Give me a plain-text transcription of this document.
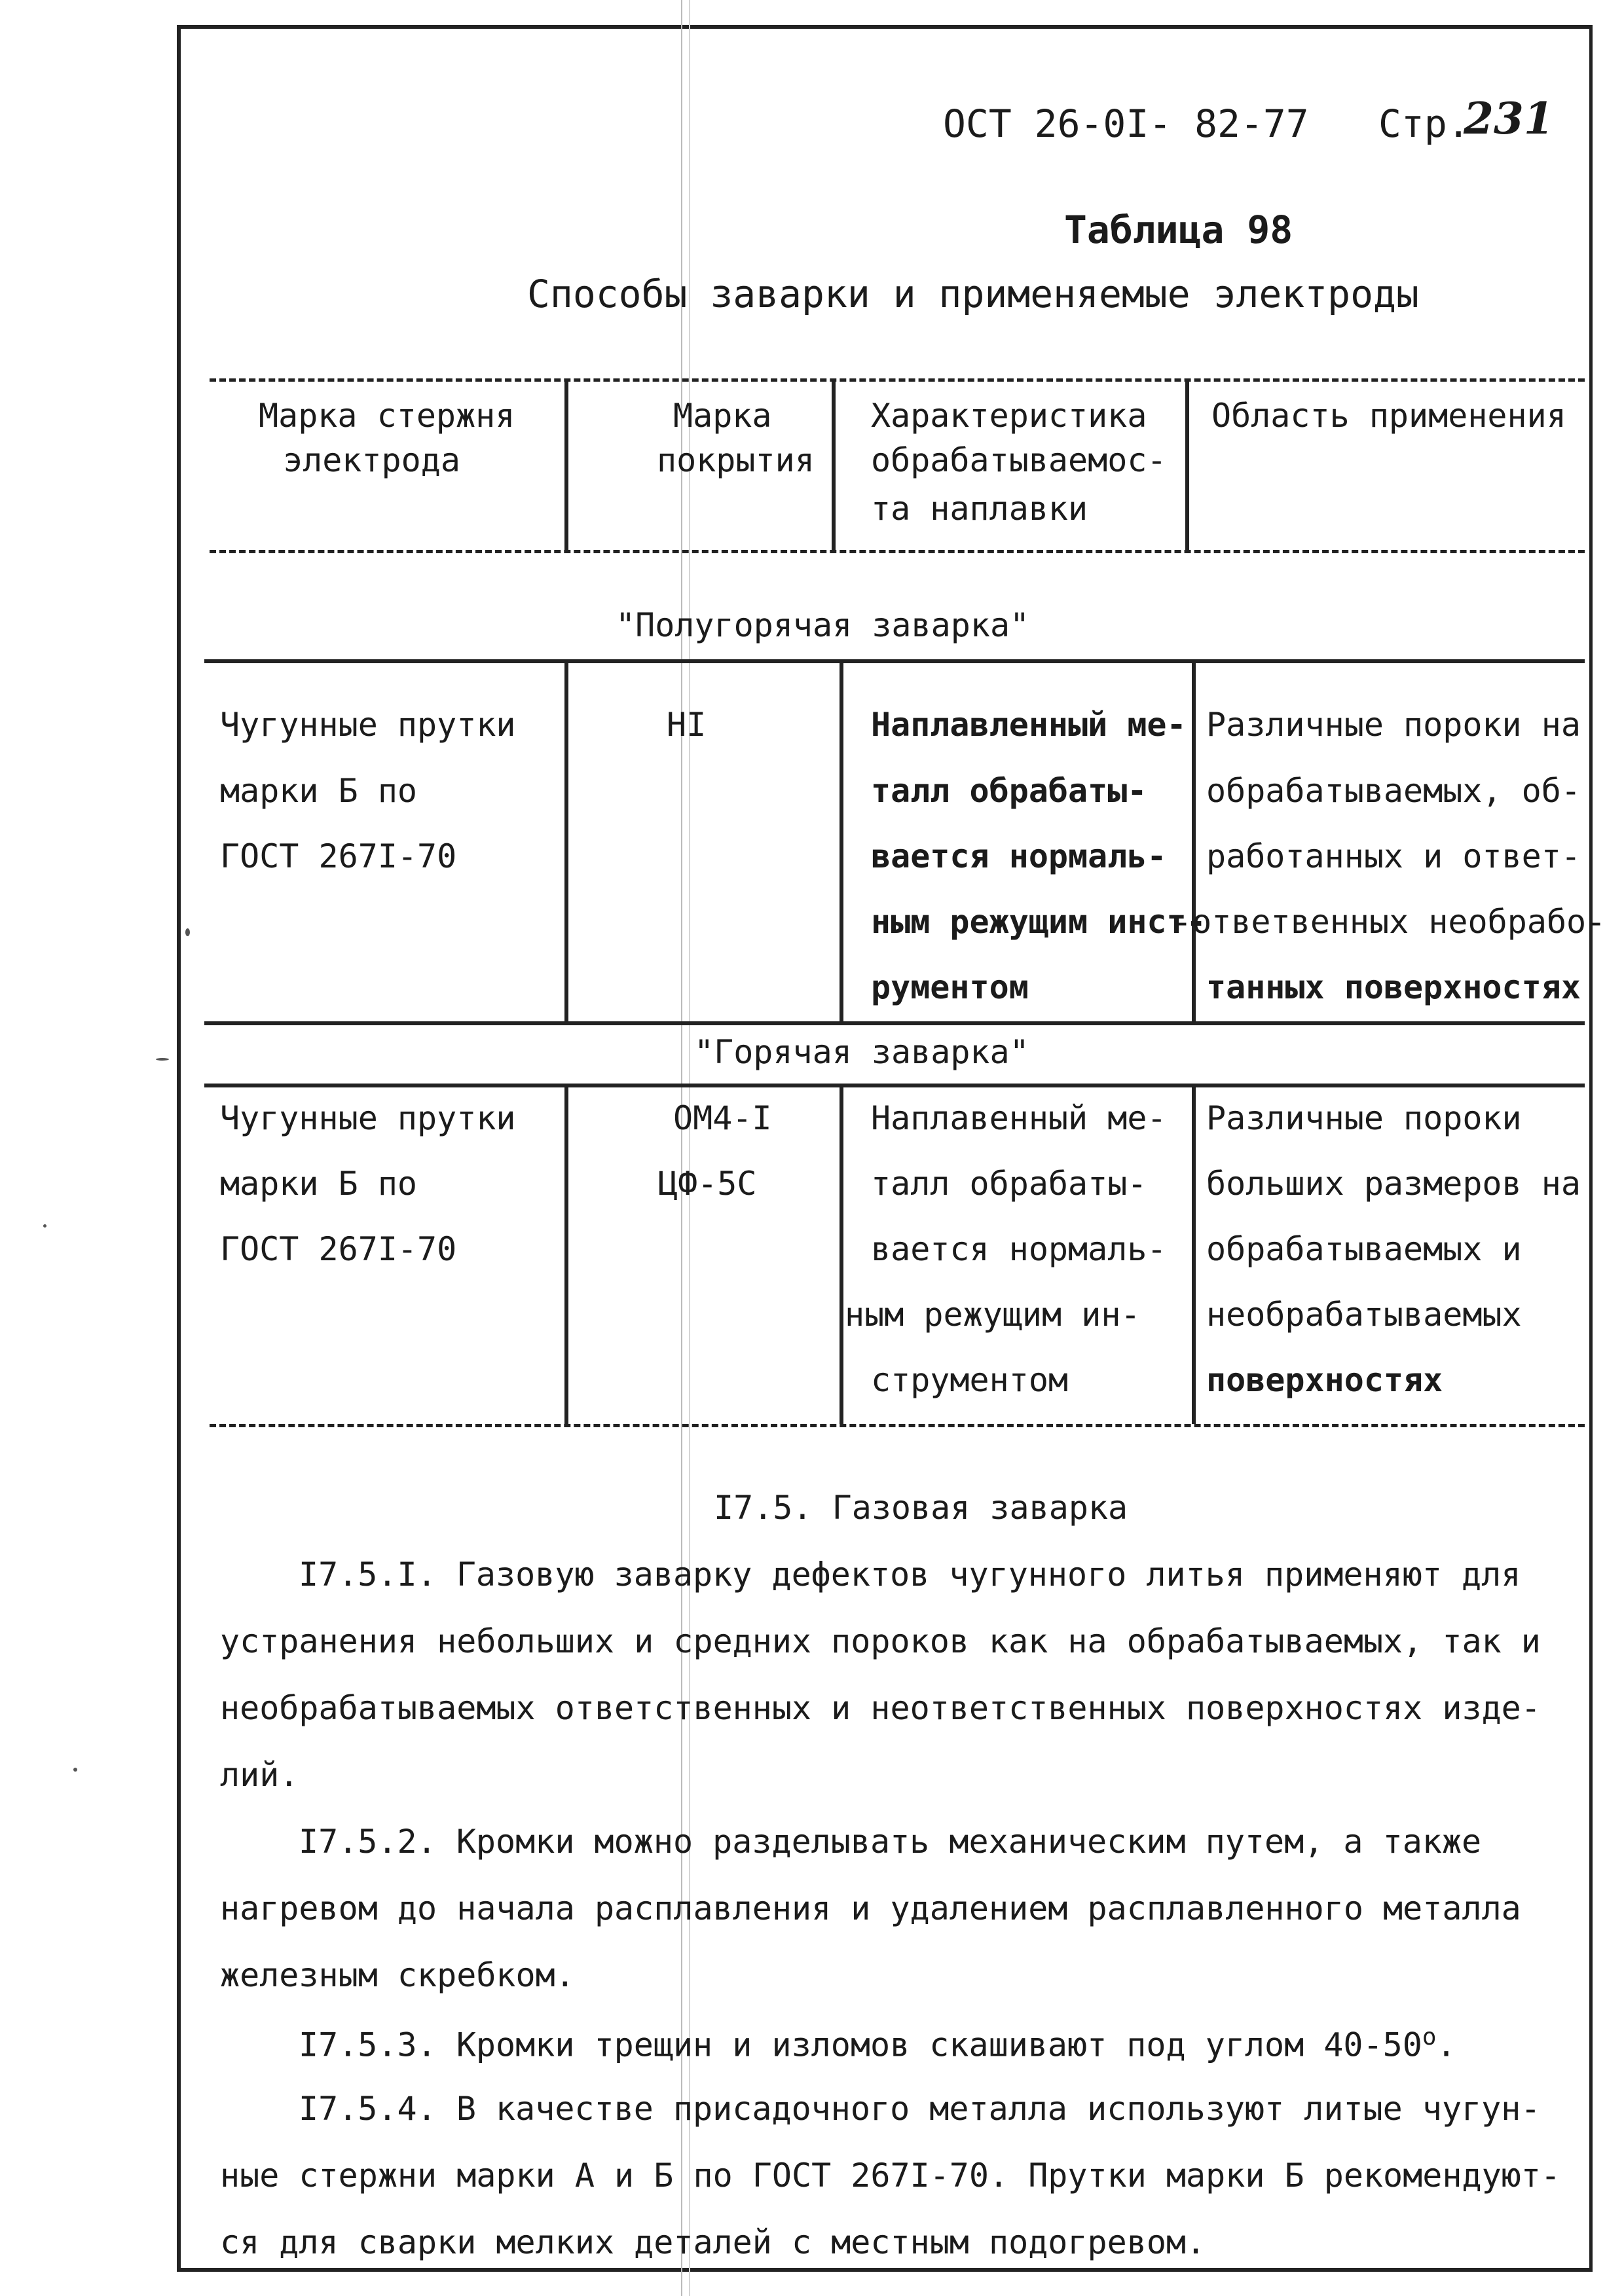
ОСТ 26-0I- 82-77 Стр.
231
Таблица 98
Способы заварки и применяемые электроды
Марка стержня
электрода
Марка
покрытия
Характеристика
обрабатываемос-
та наплавки
Область применения
"Полугорячая заварка"
Чугунные прутки
марки Б по
ГОСТ 267I-70
HI	Наплавленный ме-
талл обрабаты-
вается нормаль-
ным режущим инст-
рументом
Различные пороки на
обрабатываемых, об-
работанных и ответ-
-ответвенных необрабо-
танных поверхностях
"Горячая заварка"
Чугунные прутки
марки Б по
ГОСТ 267I-70
ОМ4-I
ЦФ-5С
Наплавенный ме-
талл обрабаты-
вается нормаль-
ным режущим ин-
струментом
Различные пороки
больших размеров на
обрабатываемых и
необрабатываемых
поверхностях
I7.5. Газовая заварка
I7.5.I. Газовую заварку дефектов чугунного литья применяют для
устранения небольших и средних пороков как на обрабатываемых, так и
необрабатываемых ответственных и неответственных поверхностях изде-
лий.
I7.5.2. Кромки можно разделывать механическим путем, а также
нагревом до начала расплавления и удалением расплавленного металла
железным скребком.
I7.5.3. Кромки трещин и изломов скашивают под углом $40-50^о$.
I7.5.4. В качестве присадочного металла используют литые чугун-
ные стержни марки А и Б по ГОСТ 267I-70. Прутки марки Б рекомендуют-
ся для сварки мелких деталей с местным подогревом.
